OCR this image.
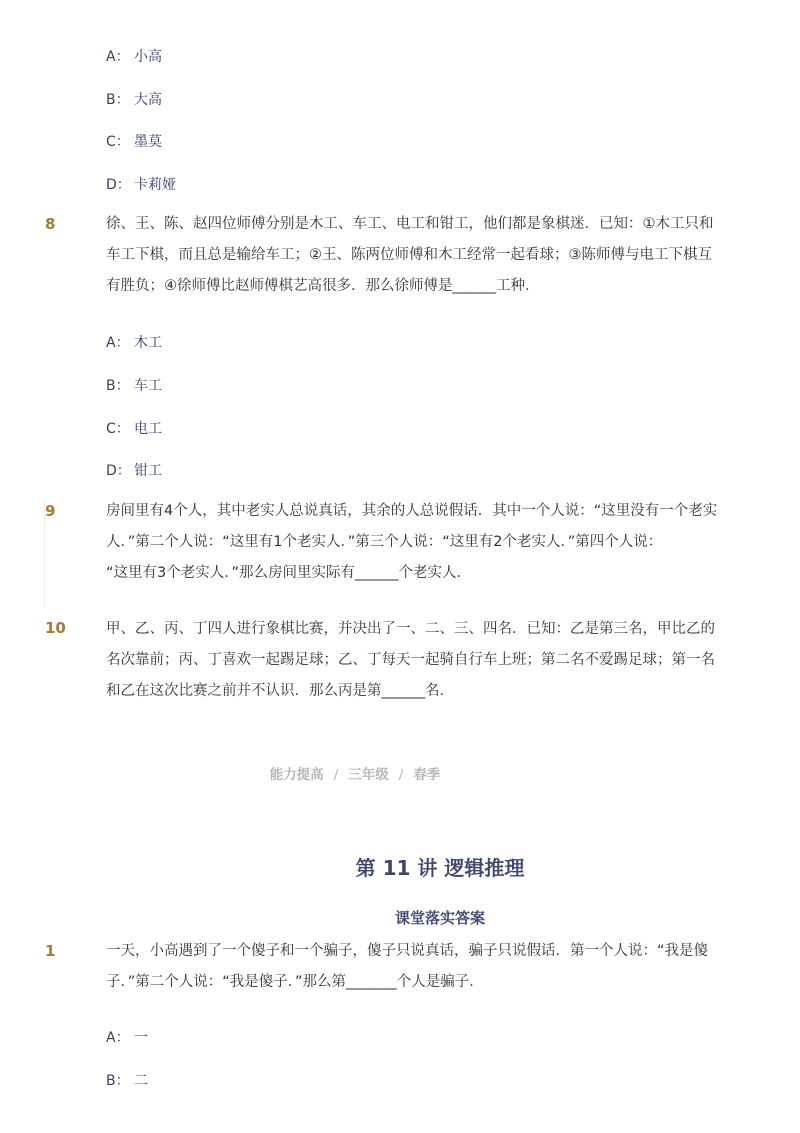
A： 小高
B： 大高
C： 墨莫
D： 卡莉娅
8	徐、王、陈、赵四位师傅分别是木工、车工、电工和钳工，他们都是象棋迷．已知：①木工只和
车工下棋，而且总是输给车工；②王、陈两位师傅和木工经常一起看球；③陈师傅与电工下棋互
有胜负；④徐师傅比赵师傅棋艺高很多．那么徐师傅是______工种．
A： 木工
B： 车工
C： 电工
D： 钳工
9	房间里有4个人，其中老实人总说真话，其余的人总说假话．其中一个人说：“这里没有一个老实
人．”第二个人说：“这里有1个老实人．”第三个人说：“这里有2个老实人．”第四个人说：
“这里有3个老实人．”那么房间里实际有______个老实人．
10	甲、乙、丙、丁四人进行象棋比赛，并决出了一、二、三、四名．已知：乙是第三名，甲比乙的
名次靠前；丙、丁喜欢一起踢足球；乙、丁每天一起骑自行车上班；第二名不爱踢足球；第一名
和乙在这次比赛之前并不认识．那么丙是第______名．
能力提高 / 三年级 / 春季
第 11 讲 逻辑推理
课堂落实答案
1	一天，小高遇到了一个傻子和一个骗子，傻子只说真话，骗子只说假话．第一个人说：“我是傻
子．”第二个人说：“我是傻子．”那么第_______个人是骗子．
A： 一
B： 二
